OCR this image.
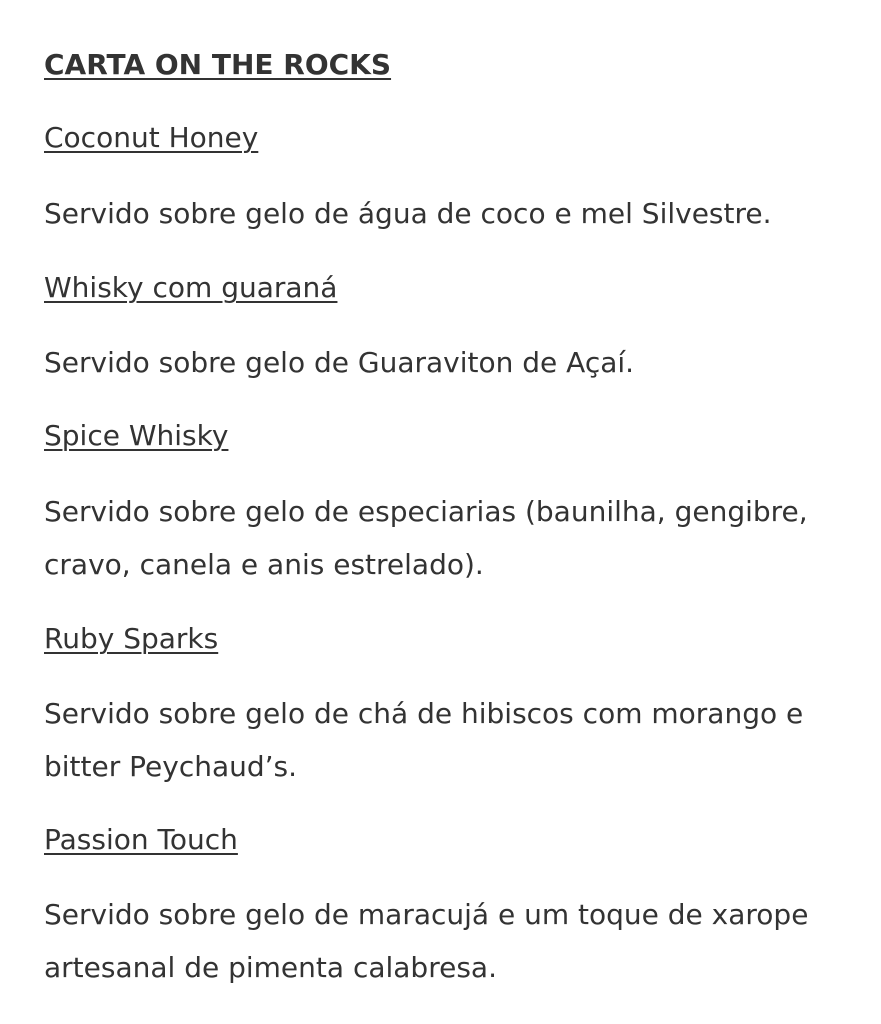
CARTA ON THE ROCKS
Coconut Honey

Servido sobre gelo de água de coco e mel Silvestre.

Whisky com guaraná

Servido sobre gelo de Guaraviton de Açaí.

Spice Whisky

Servido sobre gelo de especiarias (baunilha, gengibre, cravo, canela e anis estrelado).

Ruby Sparks

Servido sobre gelo de chá de hibiscos com morango e bitter Peychaud’s.

Passion Touch

Servido sobre gelo de maracujá e um toque de xarope artesanal de pimenta calabresa.
